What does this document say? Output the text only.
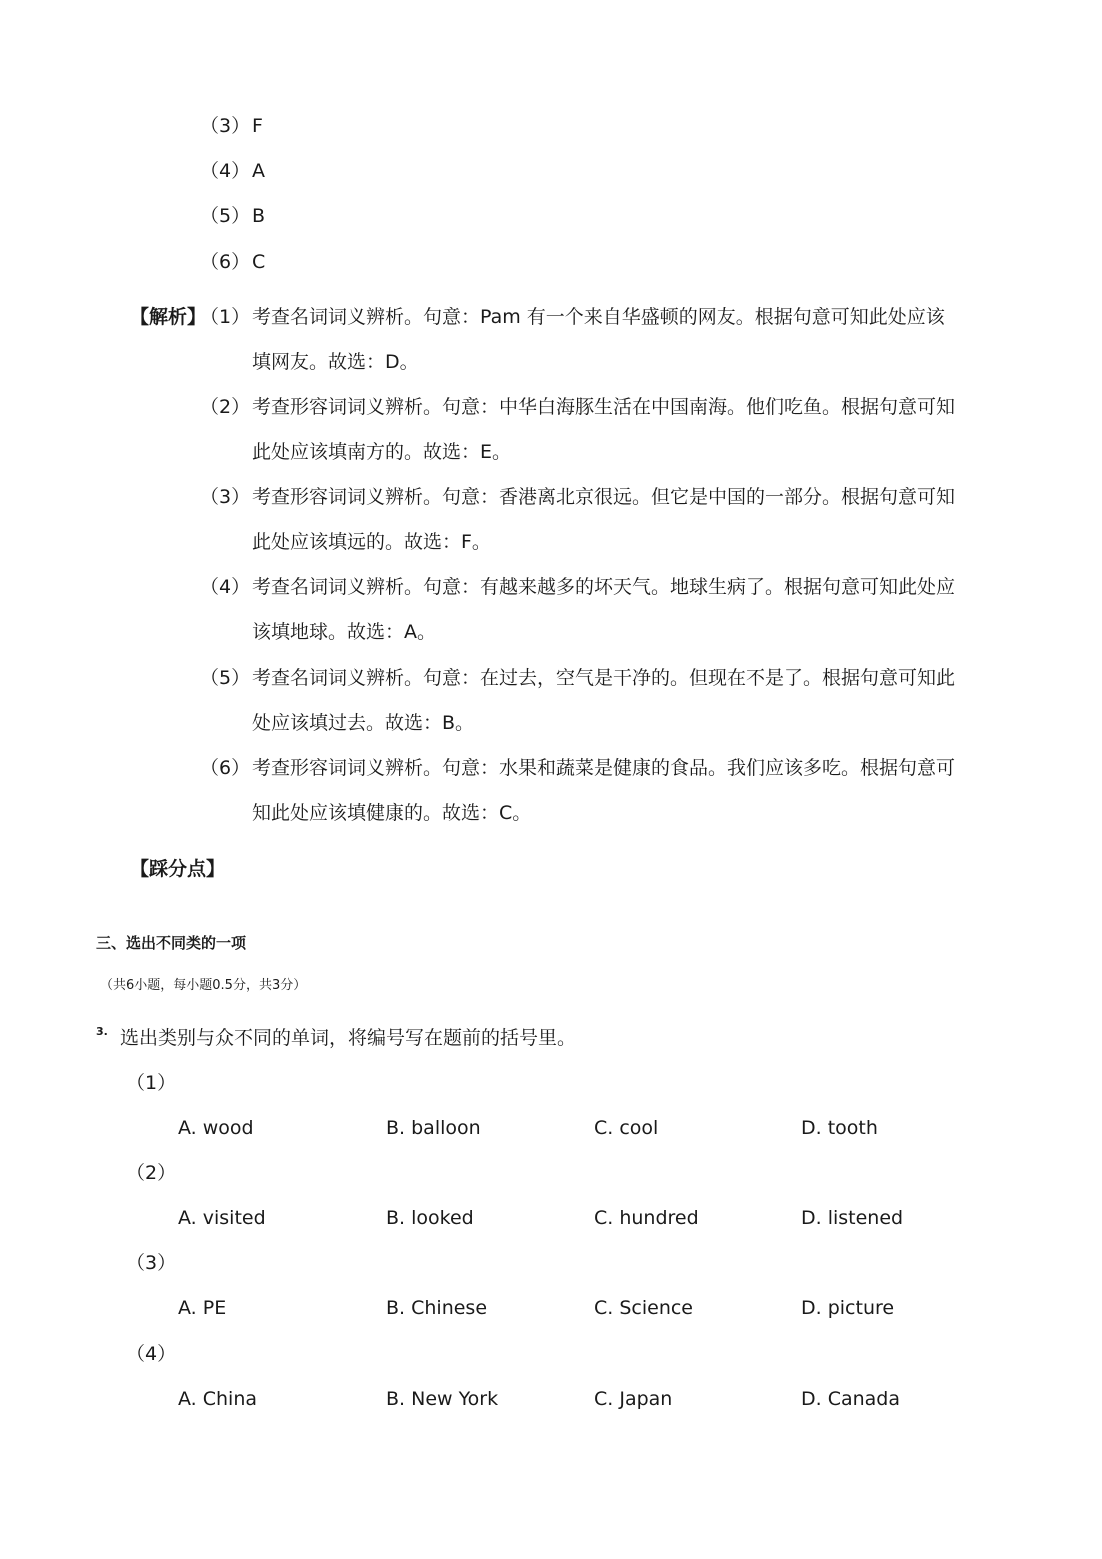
（3） F
（4） A
（5） B
（6） C
【解析】
（1） 考查名词词义辨析。句意：Pam 有一个来自华盛顿的网友。根据句意可知此处应该
填网友。故选：D。
（2） 考查形容词词义辨析。句意：中华白海豚生活在中国南海。他们吃鱼。根据句意可知
此处应该填南方的。故选：E。
（3） 考查形容词词义辨析。句意：香港离北京很远。但它是中国的一部分。根据句意可知
此处应该填远的。故选：F。
（4） 考查名词词义辨析。句意：有越来越多的坏天气。地球生病了。根据句意可知此处应
该填地球。故选：A。
（5） 考查名词词义辨析。句意：在过去，空气是干净的。但现在不是了。根据句意可知此
处应该填过去。故选：B。
（6） 考查形容词词义辨析。句意：水果和蔬菜是健康的食品。我们应该多吃。根据句意可
知此处应该填健康的。故选：C。
【踩分点】
三、选出不同类的一项
（共6小题，每小题0.5分，共3分）
3. 选出类别与众不同的单词，将编号写在题前的括号里。
（1）
A. wood	B. balloon	C. cool	D. tooth
（2）
A. visited	B. looked	C. hundred	D. listened
（3）
A. PE	B. Chinese	C. Science	D. picture
（4）
A. China	B. New York	C. Japan	D. Canada
